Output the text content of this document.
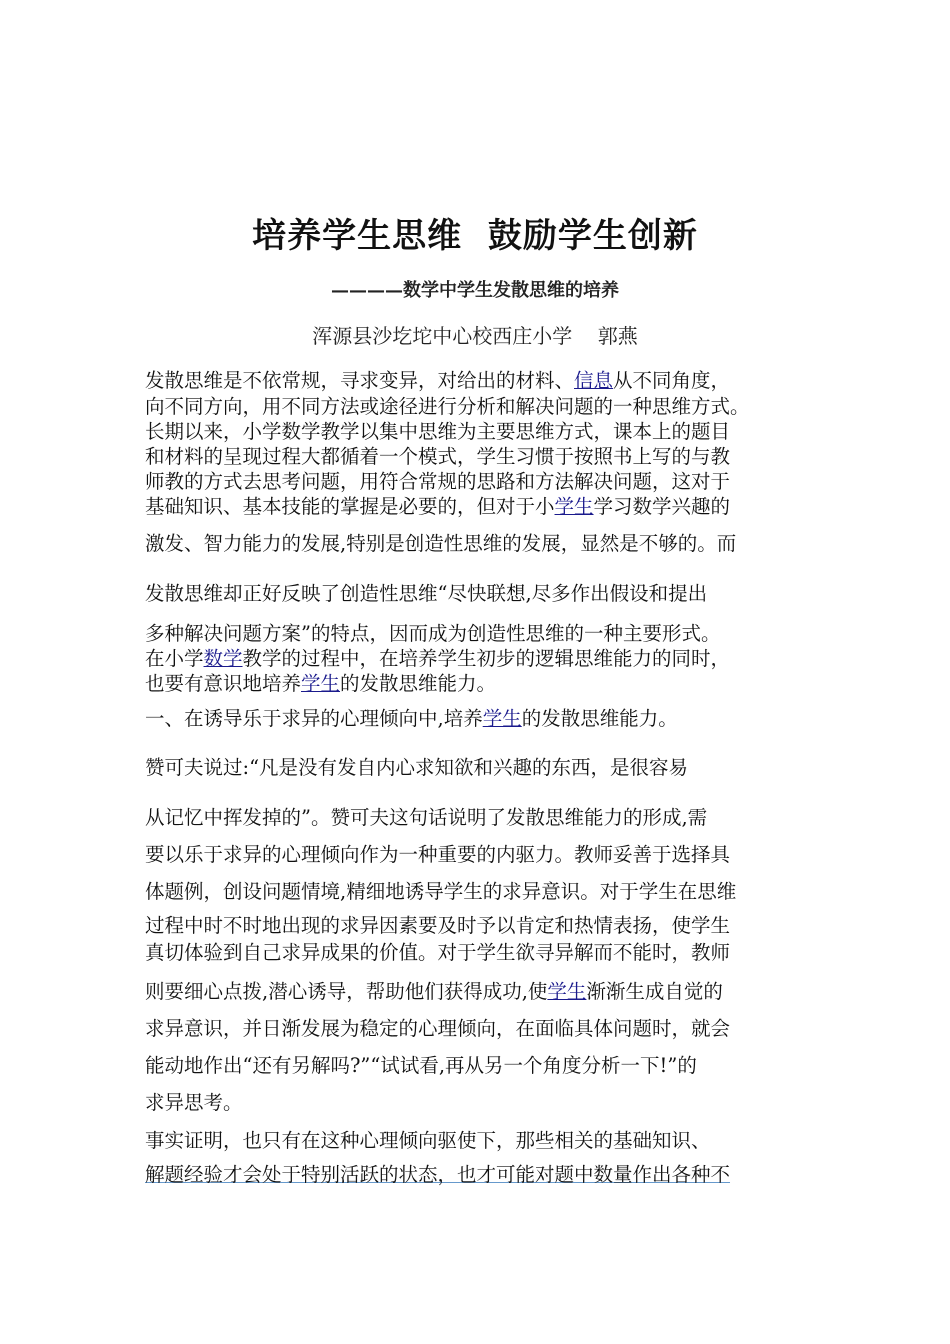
培养学生思维  鼓励学生创新
————数学中学生发散思维的培养
浑源县沙圪坨中心校西庄小学    郭燕
发散思维是不依常规，寻求变异，对给出的材料、信息从不同角度，
向不同方向，用不同方法或途径进行分析和解决问题的一种思维方式。
长期以来，小学数学教学以集中思维为主要思维方式，课本上的题目
和材料的呈现过程大都循着一个模式，学生习惯于按照书上写的与教
师教的方式去思考问题，用符合常规的思路和方法解决问题，这对于
基础知识、基本技能的掌握是必要的，但对于小学生学习数学兴趣的
激发、智力能力的发展,特别是创造性思维的发展，显然是不够的。而
发散思维却正好反映了创造性思维“尽快联想,尽多作出假设和提出
多种解决问题方案”的特点，因而成为创造性思维的一种主要形式。
在小学数学教学的过程中，在培养学生初步的逻辑思维能力的同时，
也要有意识地培养学生的发散思维能力。
一、在诱导乐于求异的心理倾向中,培养学生的发散思维能力。
赞可夫说过:“凡是没有发自内心求知欲和兴趣的东西，是很容易
从记忆中挥发掉的”。赞可夫这句话说明了发散思维能力的形成,需
要以乐于求异的心理倾向作为一种重要的内驱力。教师妥善于选择具
体题例，创设问题情境,精细地诱导学生的求异意识。对于学生在思维
过程中时不时地出现的求异因素要及时予以肯定和热情表扬，使学生
真切体验到自己求异成果的价值。对于学生欲寻异解而不能时，教师
则要细心点拨,潜心诱导，帮助他们获得成功,使学生渐渐生成自觉的
求异意识，并日渐发展为稳定的心理倾向，在面临具体问题时，就会
能动地作出“还有另解吗?”“试试看,再从另一个角度分析一下!”的
求异思考。
事实证明，也只有在这种心理倾向驱使下，那些相关的基础知识、
解题经验才会处于特别活跃的状态，也才可能对题中数量作出各种不
